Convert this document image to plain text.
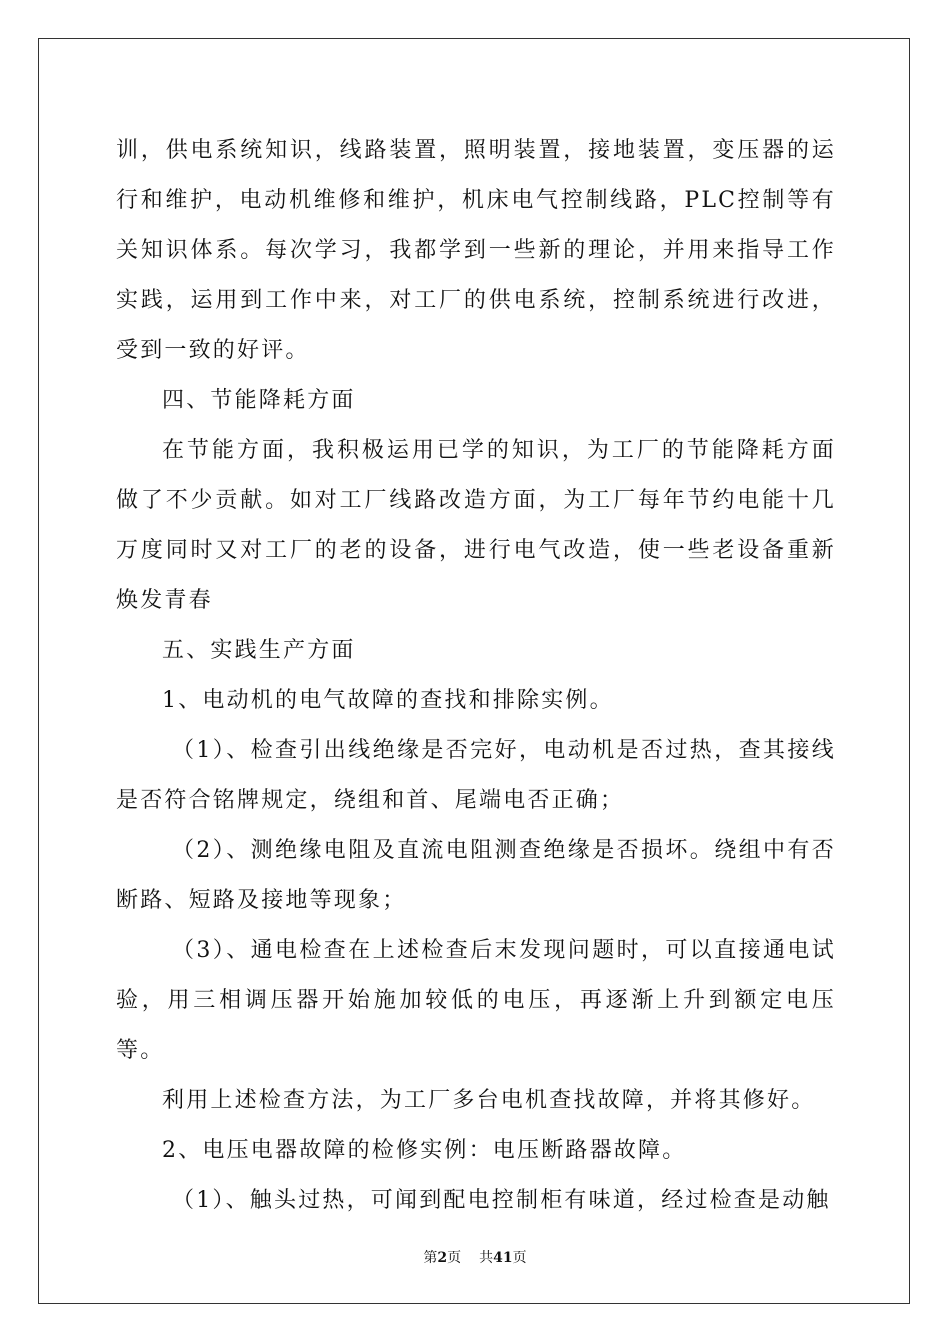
训，供电系统知识，线路装置，照明装置，接地装置，变压器的运行和维护，电动机维修和维护，机床电气控制线路，PLC控制等有关知识体系。每次学习，我都学到一些新的理论，并用来指导工作实践，运用到工作中来，对工厂的供电系统，控制系统进行改进，受到一致的好评。

四、节能降耗方面

在节能方面，我积极运用已学的知识，为工厂的节能降耗方面做了不少贡献。如对工厂线路改造方面，为工厂每年节约电能十几万度同时又对工厂的老的设备，进行电气改造，使一些老设备重新焕发青春

五、实践生产方面

1、电动机的电气故障的查找和排除实例。

（1）、检查引出线绝缘是否完好，电动机是否过热，查其接线是否符合铭牌规定，绕组和首、尾端电否正确；

（2）、测绝缘电阻及直流电阻测查绝缘是否损坏。绕组中有否断路、短路及接地等现象；

（3）、通电检查在上述检查后末发现问题时，可以直接通电试验，用三相调压器开始施加较低的电压，再逐渐上升到额定电压等。

利用上述检查方法，为工厂多台电机查找故障，并将其修好。

2、电压电器故障的检修实例：电压断路器故障。

（1）、触头过热，可闻到配电控制柜有味道，经过检查是动触

第2页 共41页
